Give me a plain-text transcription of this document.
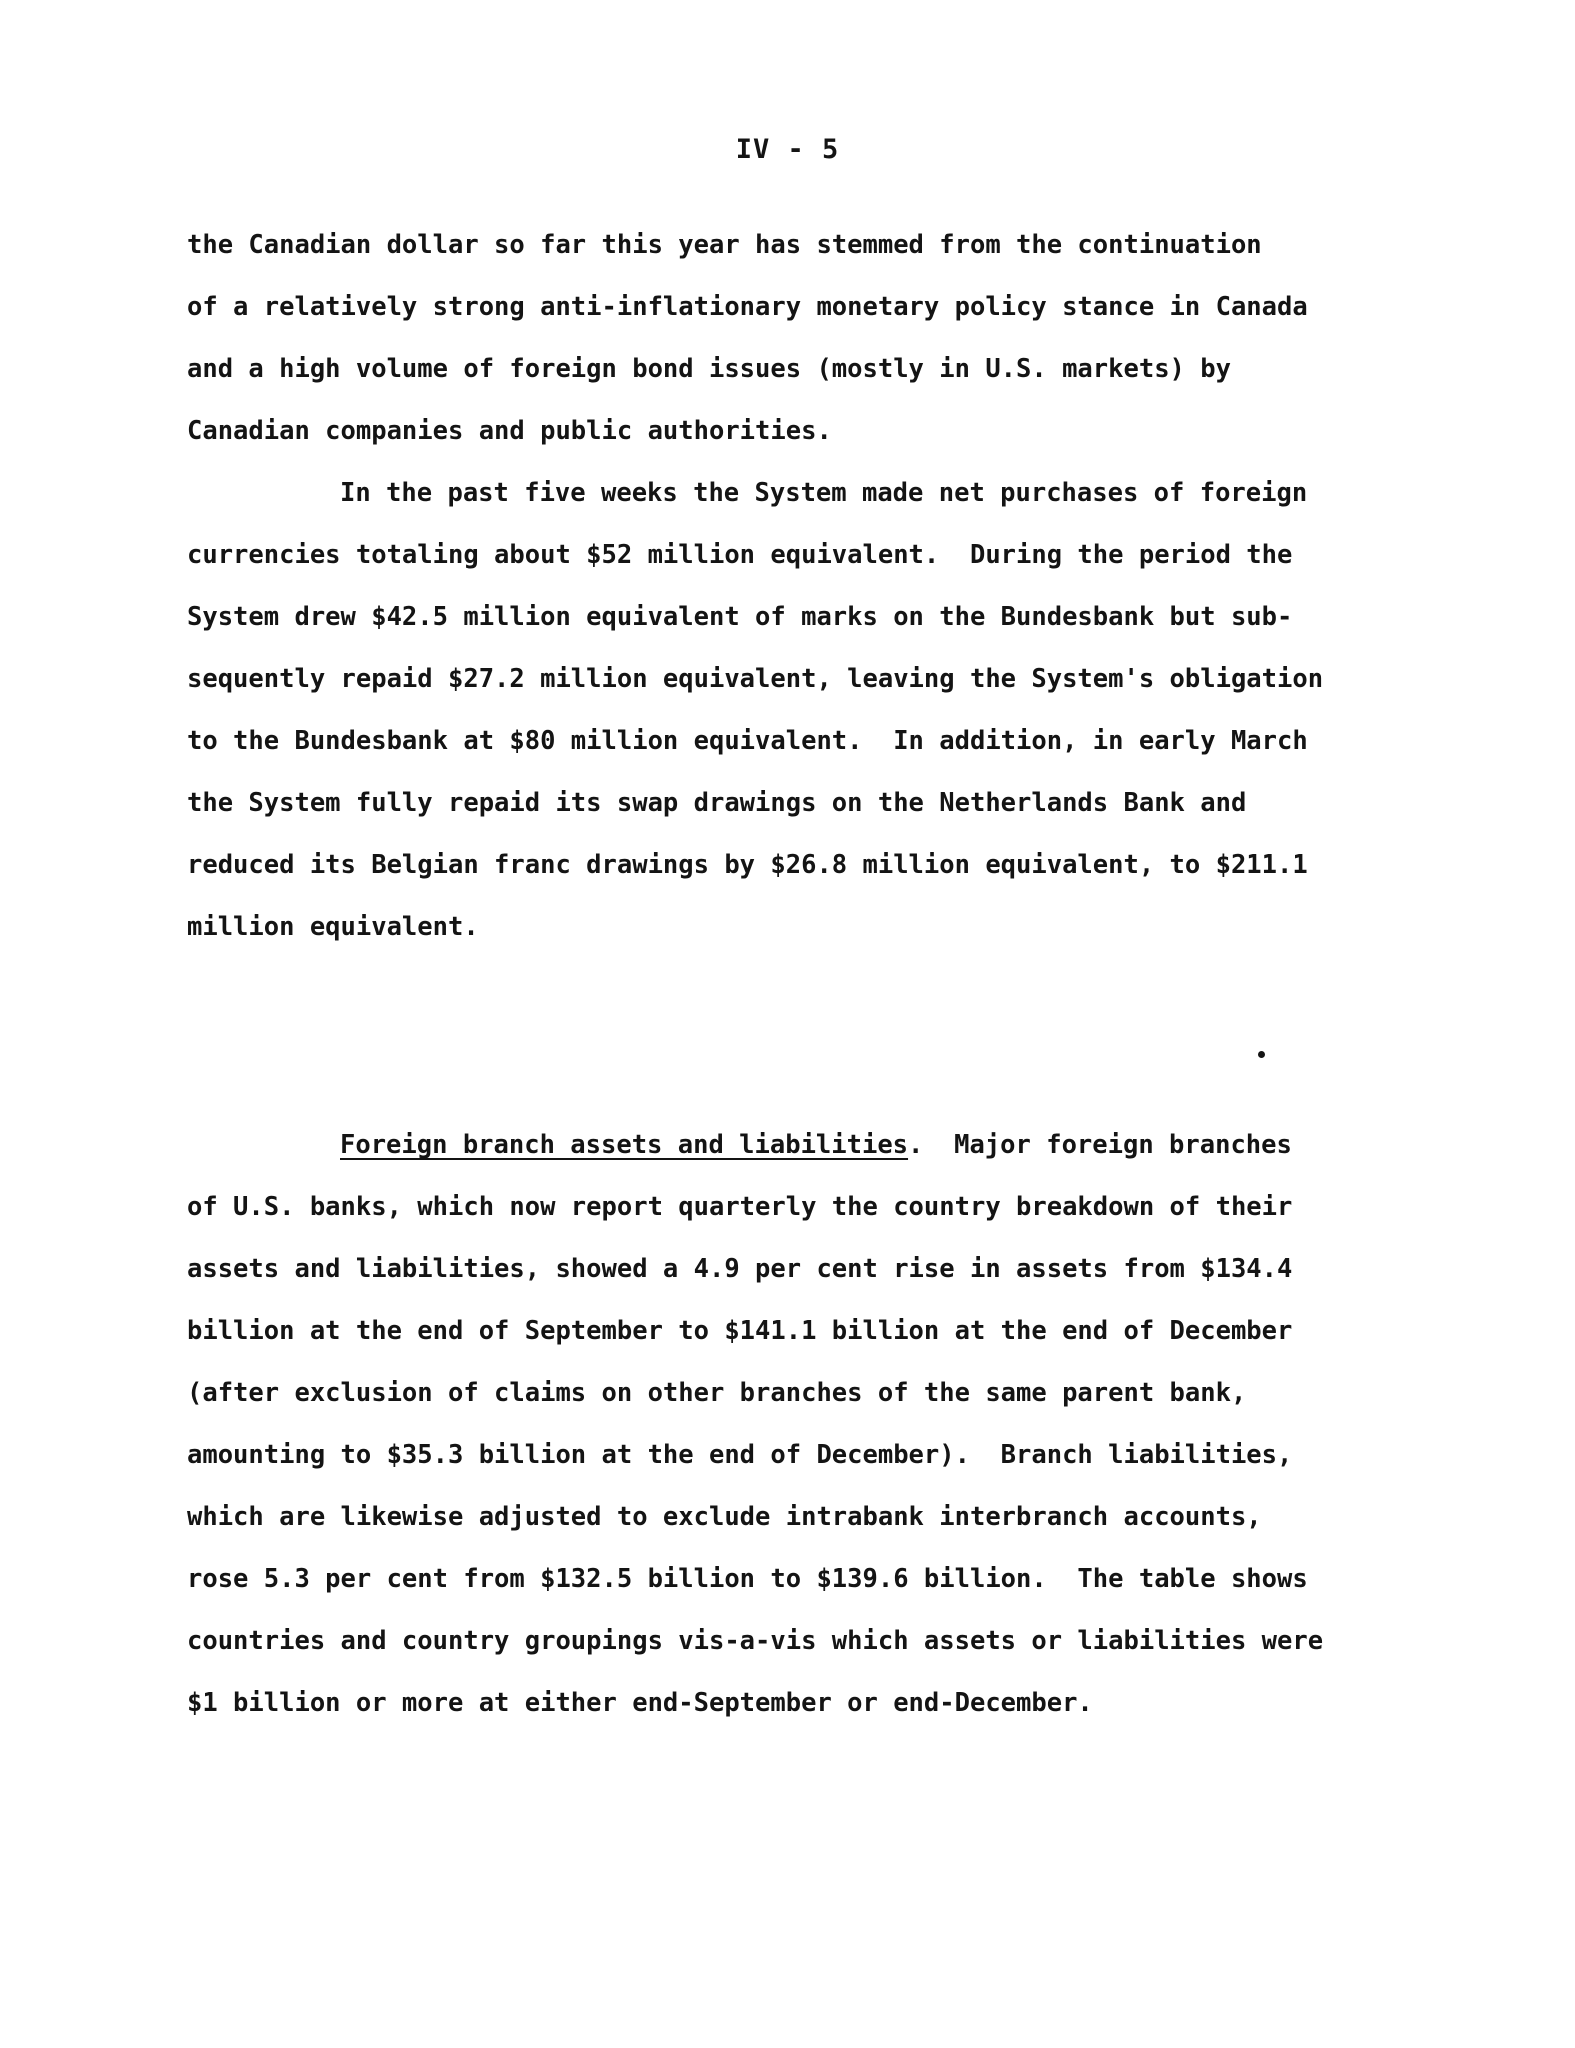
IV - 5
the Canadian dollar so far this year has stemmed from the continuation
of a relatively strong anti-inflationary monetary policy stance in Canada
and a high volume of foreign bond issues (mostly in U.S. markets) by
Canadian companies and public authorities.
In the past five weeks the System made net purchases of foreign
currencies totaling about $52 million equivalent.  During the period the
System drew $42.5 million equivalent of marks on the Bundesbank but sub-
sequently repaid $27.2 million equivalent, leaving the System's obligation
to the Bundesbank at $80 million equivalent.  In addition, in early March
the System fully repaid its swap drawings on the Netherlands Bank and
reduced its Belgian franc drawings by $26.8 million equivalent, to $211.1
million equivalent.
Foreign branch assets and liabilities.  Major foreign branches
of U.S. banks, which now report quarterly the country breakdown of their
assets and liabilities, showed a 4.9 per cent rise in assets from $134.4
billion at the end of September to $141.1 billion at the end of December
(after exclusion of claims on other branches of the same parent bank,
amounting to $35.3 billion at the end of December).  Branch liabilities,
which are likewise adjusted to exclude intrabank interbranch accounts,
rose 5.3 per cent from $132.5 billion to $139.6 billion.  The table shows
countries and country groupings vis-a-vis which assets or liabilities were
$1 billion or more at either end-September or end-December.
